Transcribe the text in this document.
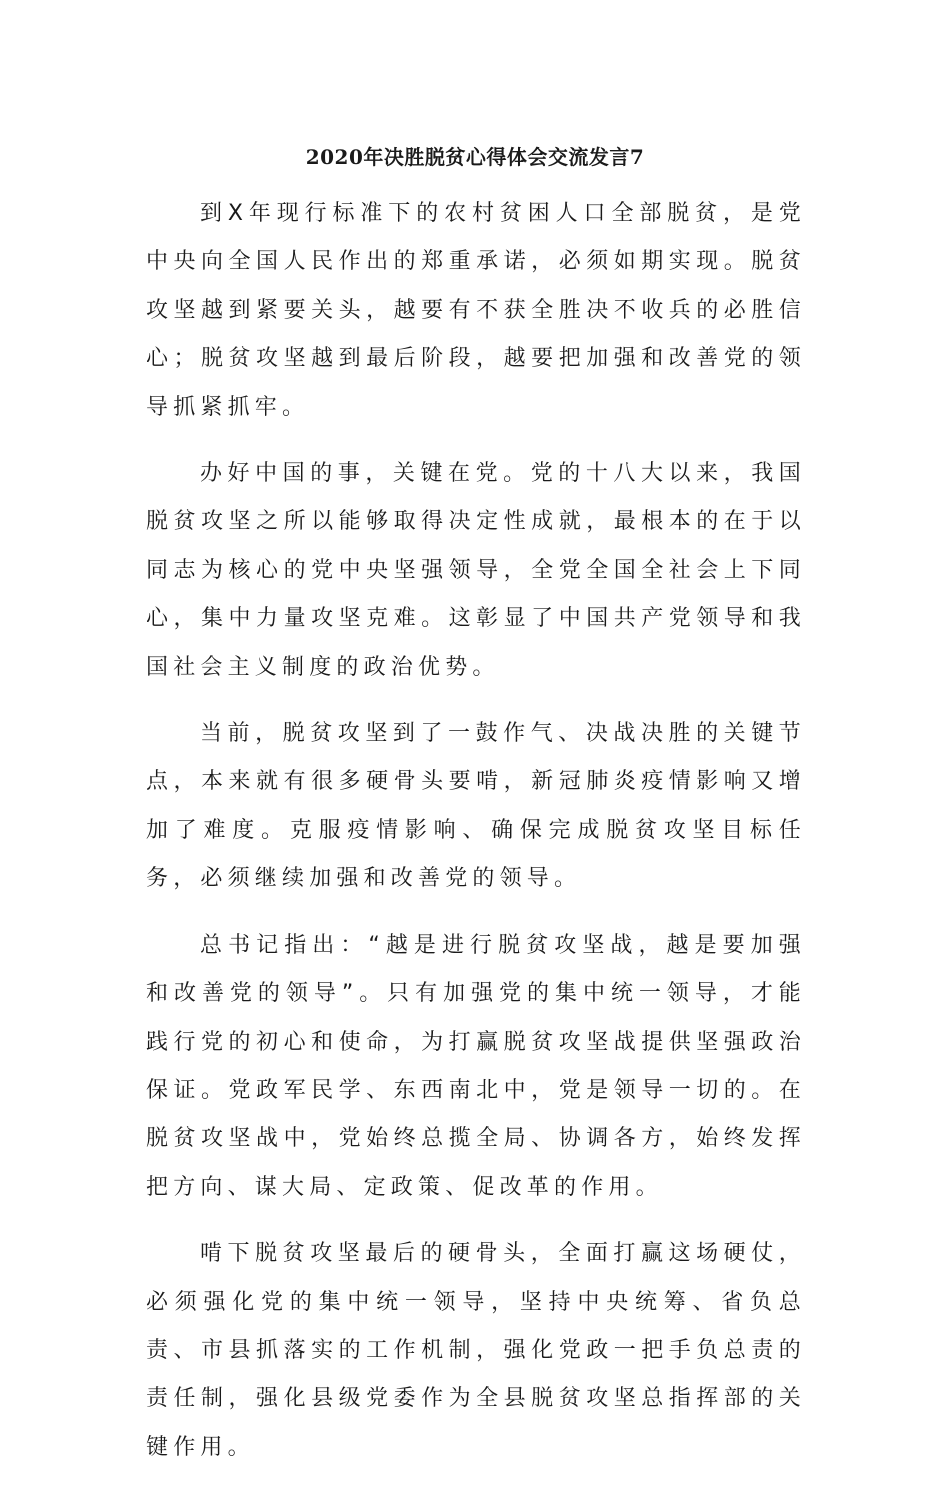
2020年决胜脱贫心得体会交流发言7

到X年现行标准下的农村贫困人口全部脱贫，是党中央向全国人民作出的郑重承诺，必须如期实现。脱贫攻坚越到紧要关头，越要有不获全胜决不收兵的必胜信心；脱贫攻坚越到最后阶段，越要把加强和改善党的领导抓紧抓牢。

办好中国的事，关键在党。党的十八大以来，我国脱贫攻坚之所以能够取得决定性成就，最根本的在于以同志为核心的党中央坚强领导，全党全国全社会上下同心，集中力量攻坚克难。这彰显了中国共产党领导和我国社会主义制度的政治优势。

当前，脱贫攻坚到了一鼓作气、决战决胜的关键节点，本来就有很多硬骨头要啃，新冠肺炎疫情影响又增加了难度。克服疫情影响、确保完成脱贫攻坚目标任务，必须继续加强和改善党的领导。

总书记指出：“越是进行脱贫攻坚战，越是要加强和改善党的领导”。只有加强党的集中统一领导，才能践行党的初心和使命，为打赢脱贫攻坚战提供坚强政治保证。党政军民学、东西南北中，党是领导一切的。在脱贫攻坚战中，党始终总揽全局、协调各方，始终发挥把方向、谋大局、定政策、促改革的作用。

啃下脱贫攻坚最后的硬骨头，全面打赢这场硬仗，必须强化党的集中统一领导，坚持中央统筹、省负总责、市县抓落实的工作机制，强化党政一把手负总责的责任制，强化县级党委作为全县脱贫攻坚总指挥部的关键作用。
